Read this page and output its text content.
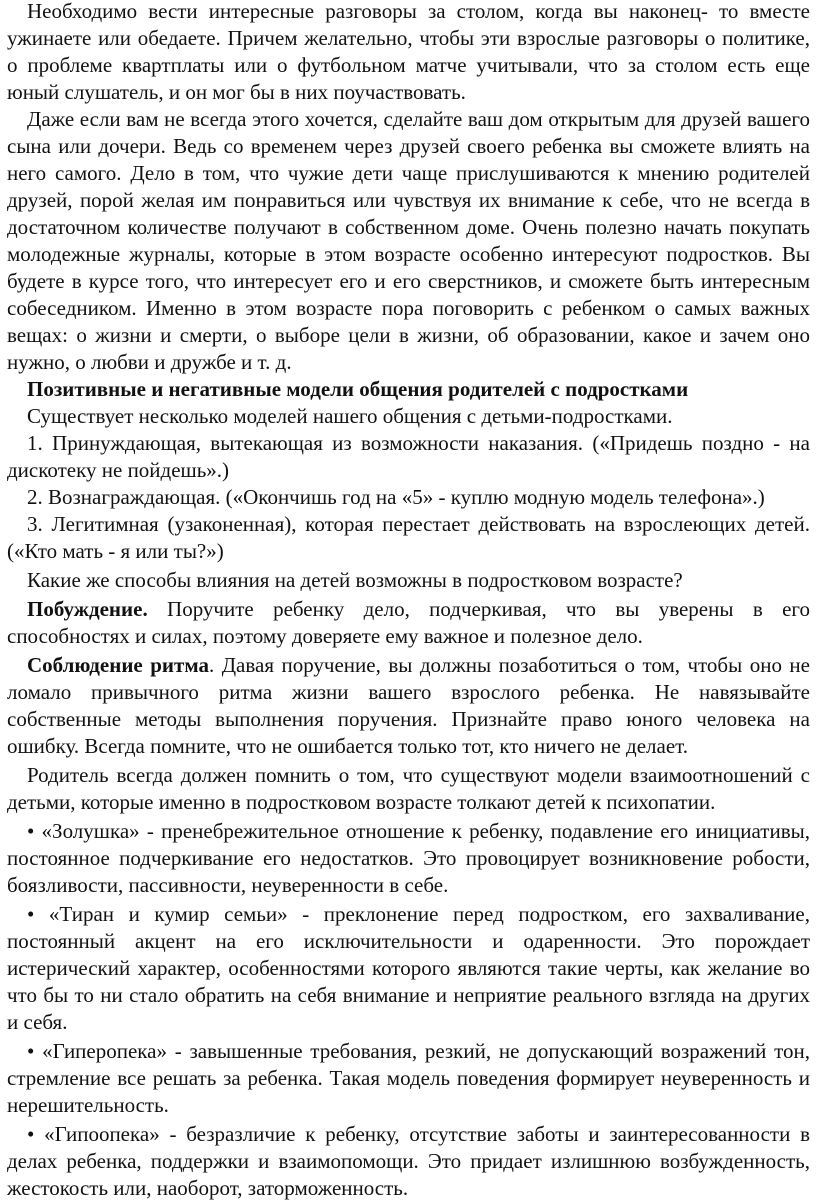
Необходимо вести интересные разговоры за столом, когда вы наконец- то вместе ужинаете или обедаете. Причем желательно, чтобы эти взрослые разговоры о политике, о проблеме квартплаты или о футбольном матче учитывали, что за столом есть еще юный слушатель, и он мог бы в них поучаствовать.

Даже если вам не всегда этого хочется, сделайте ваш дом открытым для друзей вашего сына или дочери. Ведь со временем через друзей своего ребенка вы сможете влиять на него самого. Дело в том, что чужие дети чаще прислушиваются к мнению родителей друзей, порой желая им понравиться или чувствуя их внимание к себе, что не всегда в достаточном количестве получают в собственном доме. Очень полезно начать покупать молодежные журналы, которые в этом возрасте особенно интересуют подростков. Вы будете в курсе того, что интересует его и его сверстников, и сможете быть интересным собеседником. Именно в этом возрасте пора поговорить с ребенком о самых важных вещах: о жизни и смерти, о выборе цели в жизни, об образовании, какое и зачем оно нужно, о любви и дружбе и т. д.

Позитивные и негативные модели общения родителей с подростками

Существует несколько моделей нашего общения с детьми-подростками.

1. Принуждающая, вытекающая из возможности наказания. («Придешь поздно - на дискотеку не пойдешь».)

2. Вознаграждающая. («Окончишь год на «5» - куплю модную модель телефона».)

3. Легитимная (узаконенная), которая перестает действовать на взрослеющих детей. («Кто мать - я или ты?»)

Какие же способы влияния на детей возможны в подростковом возрасте?

Побуждение. Поручите ребенку дело, подчеркивая, что вы уверены в его способностях и силах, поэтому доверяете ему важное и полезное дело.

Соблюдение ритма. Давая поручение, вы должны позаботиться о том, чтобы оно не ломало привычного ритма жизни вашего взрослого ребенка. Не навязывайте собственные методы выполнения поручения. Признайте право юного человека на ошибку. Всегда помните, что не ошибается только тот, кто ничего не делает.

Родитель всегда должен помнить о том, что существуют модели взаимоотношений с детьми, которые именно в подростковом возрасте толкают детей к психопатии.

• «Золушка» - пренебрежительное отношение к ребенку, подавление его инициативы, постоянное подчеркивание его недостатков. Это провоцирует возникновение робости, боязливости, пассивности, неуверенности в себе.

• «Тиран и кумир семьи» - преклонение перед подростком, его захваливание, постоянный акцент на его исключительности и одаренности. Это порождает истерический характер, особенностями которого являются такие черты, как желание во что бы то ни стало обратить на себя внимание и неприятие реального взгляда на других и себя.

• «Гиперопека» - завышенные требования, резкий, не допускающий возражений тон, стремление все решать за ребенка. Такая модель поведения формирует неуверенность и нерешительность.

• «Гипоопека» - безразличие к ребенку, отсутствие заботы и заинтересованности в делах ребенка, поддержки и взаимопомощи. Это придает излишнюю возбужденность, жестокость или, наоборот, заторможенность.
